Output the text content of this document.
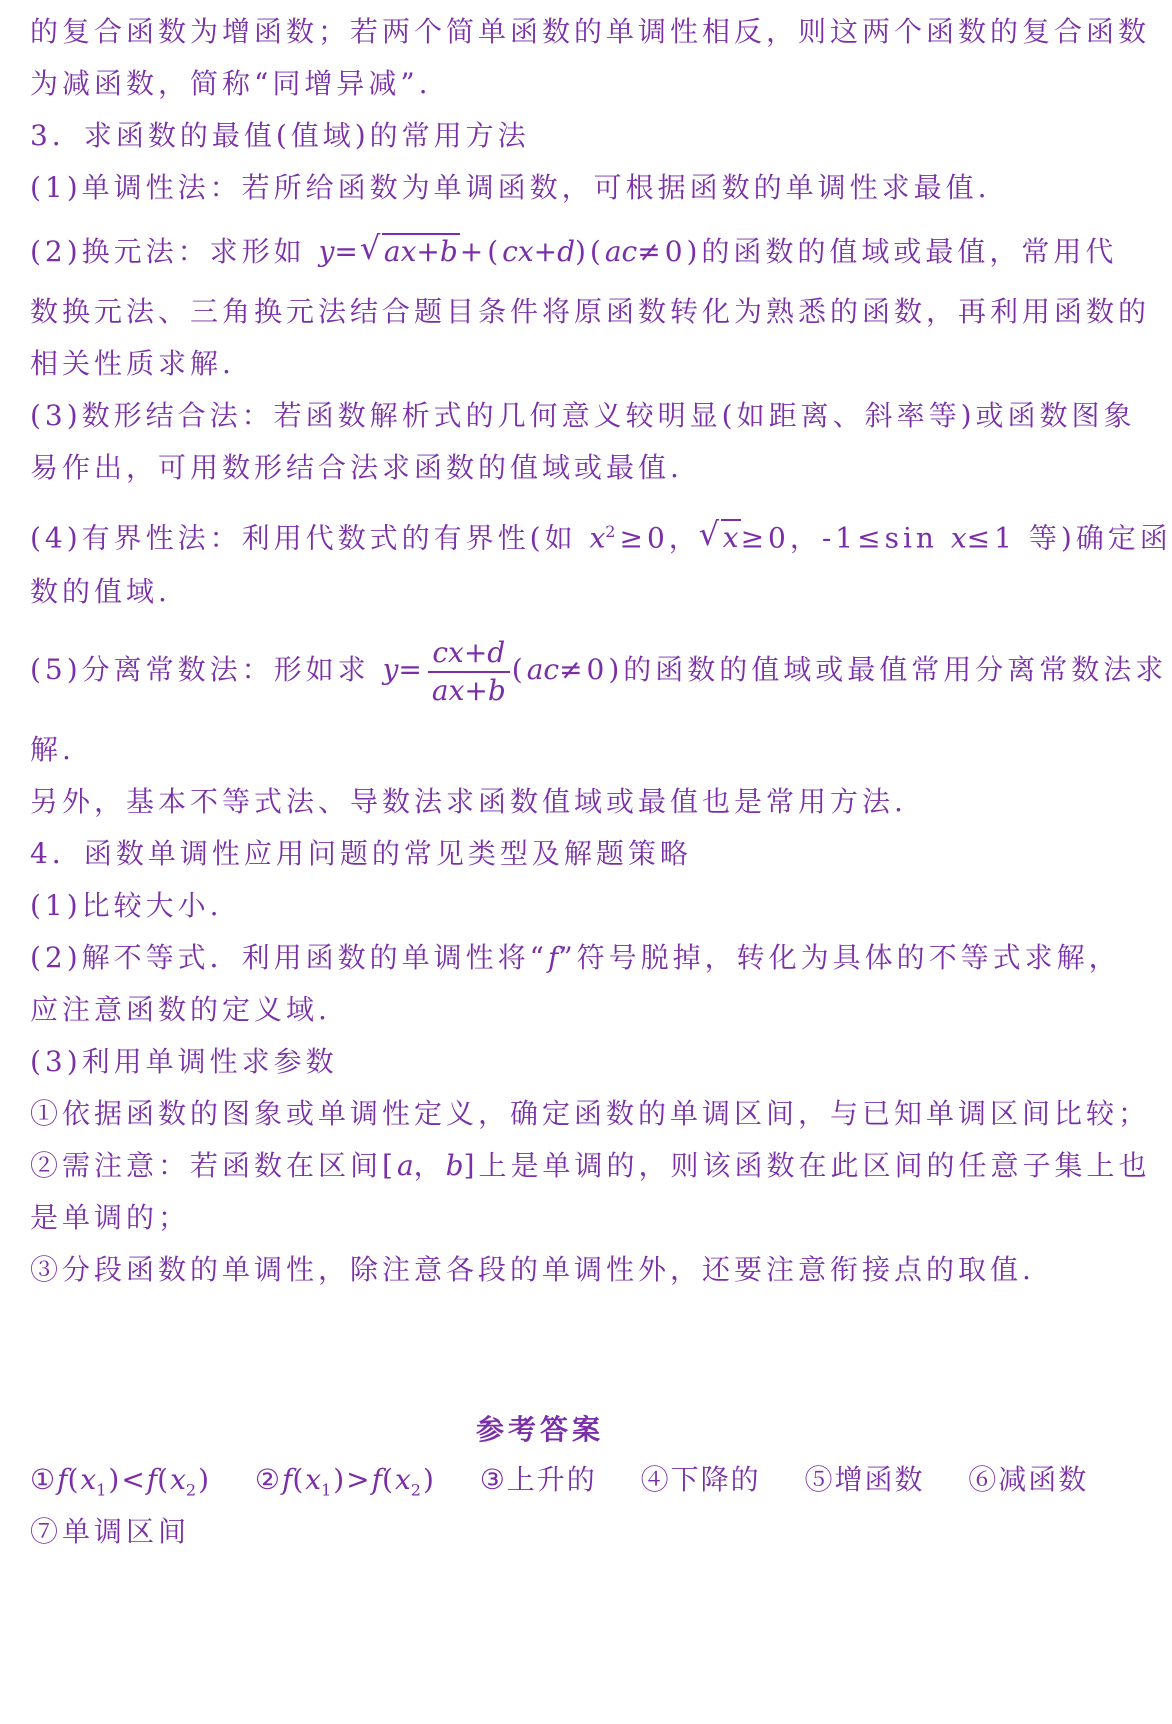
的复合函数为增函数；若两个简单函数的单调性相反，则这两个函数的复合函数
为减函数，简称“同增异减”.
3．求函数的最值(值域)的常用方法
(1)单调性法：若所给函数为单调函数，可根据函数的单调性求最值.
(2)换元法：求形如 y= √ ax+b+(cx+d)(ac≠0)的函数的值域或最值，常用代
数换元法、三角换元法结合题目条件将原函数转化为熟悉的函数，再利用函数的
相关性质求解.
(3)数形结合法：若函数解析式的几何意义较明显(如距离、斜率等)或函数图象
易作出，可用数形结合法求函数的值域或最值.
(4)有界性法：利用代数式的有界性(如 $x^2\ge 0$， √ x≥0，-1≤sin x≤1 等)确定函
数的值域.
(5)分离常数法：形如求 $y= \frac{cx+d}{ax+b} (ac\ne 0)$的函数的值域或最值常用分离常数法求
解.
另外，基本不等式法、导数法求函数值域或最值也是常用方法.
4．函数单调性应用问题的常见类型及解题策略
(1)比较大小.
(2)解不等式．利用函数的单调性将“f”符号脱掉，转化为具体的不等式求解，
应注意函数的定义域.
(3)利用单调性求参数
①依据函数的图象或单调性定义，确定函数的单调区间，与已知单调区间比较；
②需注意：若函数在区间[a，b]上是单调的，则该函数在此区间的任意子集上也
是单调的；
③分段函数的单调性，除注意各段的单调性外，还要注意衔接点的取值.
参考答案
$①f(x_1)<f(x_2)$ $②f(x_1)>f(x_2)$ ③上升的 ④下降的 ⑤增函数 ⑥减函数
⑦单调区间
